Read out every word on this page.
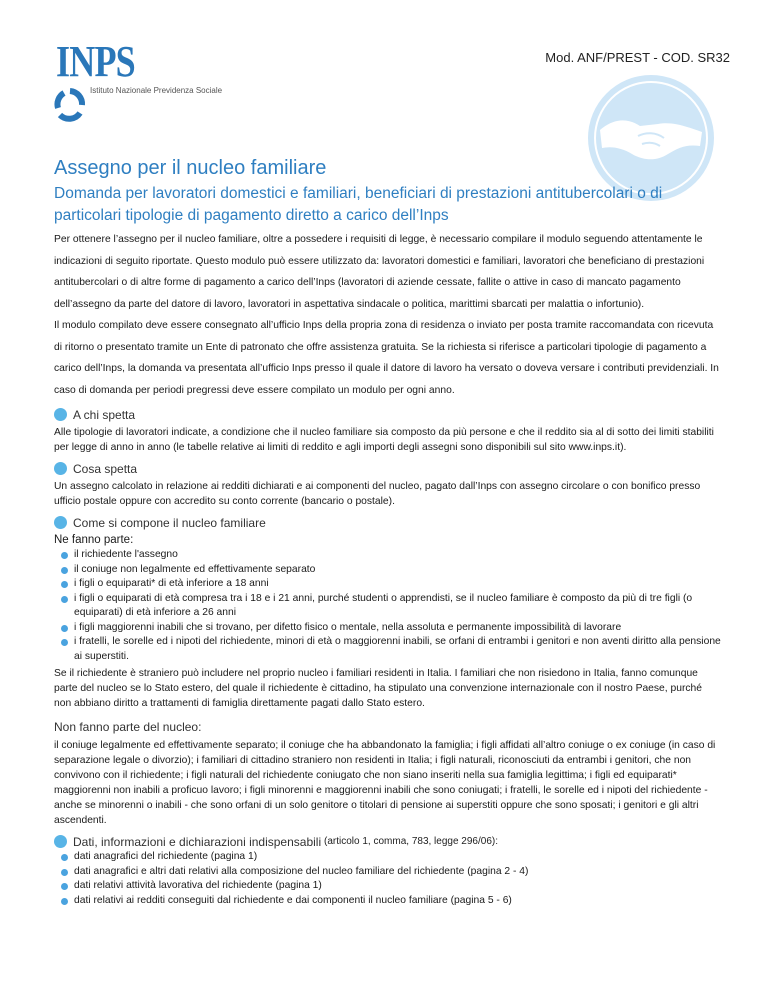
INPS
Istituto Nazionale Previdenza Sociale
Mod. ANF/PREST - COD. SR32
Assegno per il nucleo familiare

Domanda per lavoratori domestici e familiari, beneficiari di prestazioni antitubercolari o di particolari tipologie di pagamento diretto a carico dell’Inps

Per ottenere l’assegno per il nucleo familiare, oltre a possedere i requisiti di legge, è necessario compilare il modulo seguendo attentamente le indicazioni di seguito riportate. Questo modulo può essere utilizzato da: lavoratori domestici e familiari, lavoratori che beneficiano di prestazioni antitubercolari o di altre forme di pagamento a carico dell’Inps (lavoratori di aziende cessate, fallite o attive in caso di mancato pagamento dell’assegno da parte del datore di lavoro, lavoratori in aspettativa sindacale o politica, marittimi sbarcati per malattia o infortunio).

Il modulo compilato deve essere consegnato all’ufficio Inps della propria zona di residenza o inviato per posta tramite raccomandata con ricevuta di ritorno o presentato tramite un Ente di patronato che offre assistenza gratuita. Se la richiesta si riferisce a particolari tipologie di pagamento a carico dell’Inps, la domanda va presentata all’ufficio Inps presso il quale il datore di lavoro ha versato o doveva versare i contributi previdenziali. In caso di domanda per periodi pregressi deve essere compilato un modulo per ogni anno.

A chi spetta

Alle tipologie di lavoratori indicate, a condizione che il nucleo familiare sia composto da più persone e che il reddito sia al di sotto dei limiti stabiliti per legge di anno in anno (le tabelle relative ai limiti di reddito e agli importi degli assegni sono disponibili sul sito www.inps.it).

Cosa spetta

Un assegno calcolato in relazione ai redditi dichiarati e ai componenti del nucleo, pagato dall’Inps con assegno circolare o con bonifico presso ufficio postale oppure con accredito su conto corrente (bancario o postale).

Come si compone il nucleo familiare
Ne fanno parte:
il richiedente l'assegno
il coniuge non legalmente ed effettivamente separato
i figli o equiparati* di età inferiore a 18 anni
i figli o equiparati di età compresa tra i 18 e i 21 anni, purché studenti o apprendisti, se il nucleo familiare è composto da più di tre figli (o equiparati) di età inferiore a 26 anni
i figli maggiorenni inabili che si trovano, per difetto fisico o mentale, nella assoluta e permanente impossibilità di lavorare
i fratelli, le sorelle ed i nipoti del richiedente, minori di età o maggiorenni inabili, se orfani di entrambi i genitori e non aventi diritto alla pensione ai superstiti.

Se il richiedente è straniero può includere nel proprio nucleo i familiari residenti in Italia. I familiari che non risiedono in Italia, fanno comunque parte del nucleo se lo Stato estero, del quale il richiedente è cittadino, ha stipulato una convenzione internazionale con il nostro Paese, purché non abbiano diritto a trattamenti di famiglia direttamente pagati dallo Stato estero.

Non fanno parte del nucleo:

il coniuge legalmente ed effettivamente separato; il coniuge che ha abbandonato la famiglia; i figli affidati all’altro coniuge o ex coniuge (in caso di separazione legale o divorzio); i familiari di cittadino straniero non residenti in Italia; i figli naturali, riconosciuti da entrambi i genitori, che non convivono con il richiedente; i figli naturali del richiedente coniugato che non siano inseriti nella sua famiglia legittima; i figli ed equiparati* maggiorenni non inabili a proficuo lavoro; i figli minorenni e maggiorenni inabili che sono coniugati; i fratelli, le sorelle ed i nipoti del richiedente - anche se minorenni o inabili - che sono orfani di un solo genitore o titolari di pensione ai superstiti oppure che sono sposati; i genitori e gli altri ascendenti.

Dati, informazioni e dichiarazioni indispensabili
(articolo 1, comma, 783, legge 296/06):
dati anagrafici del richiedente (pagina 1)
dati anagrafici e altri dati relativi alla composizione del nucleo familiare del richiedente (pagina 2 - 4)
dati relativi attività lavorativa del richiedente (pagina 1)
dati relativi ai redditi conseguiti dal richiedente e dai componenti il nucleo familiare (pagina 5 - 6)
